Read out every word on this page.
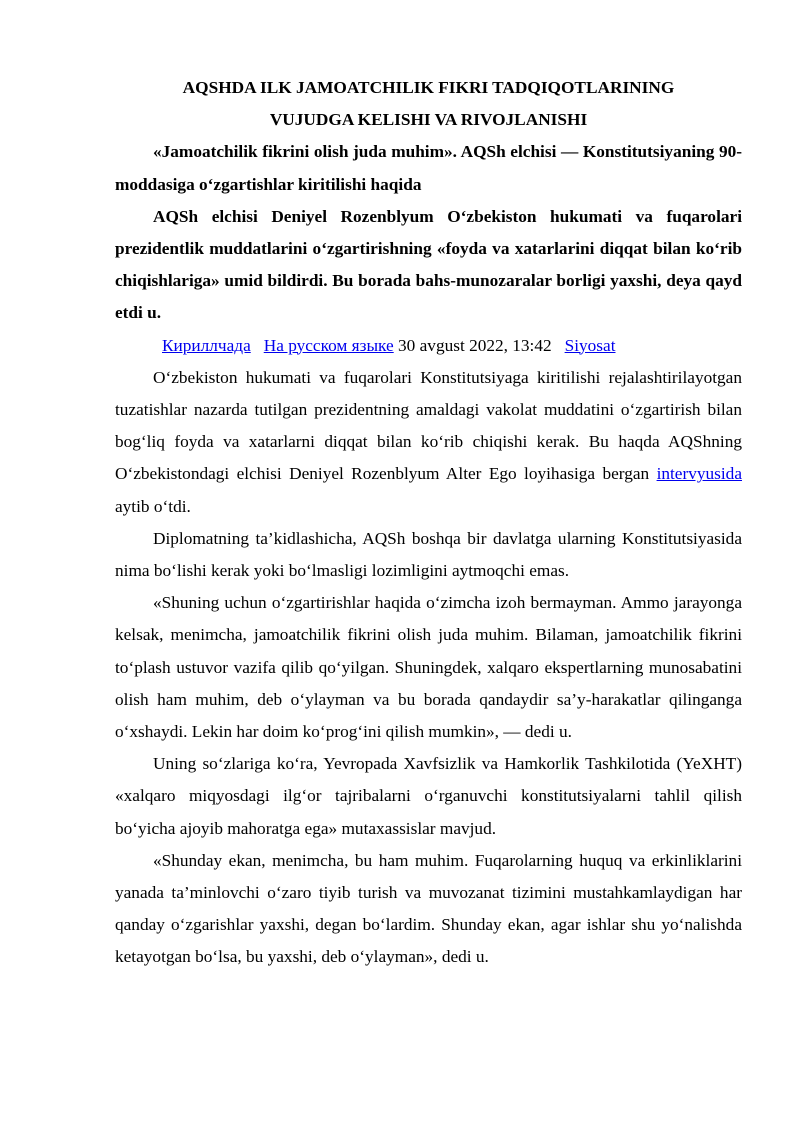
AQSHDA ILK JAMOATCHILIK FIKRI TADQIQOTLARINING

VUJUDGA KELISHI VA RIVOJLANISHI

«Jamoatchilik fikrini olish juda muhim». AQSh elchisi — Konstitutsiyaning 90-moddasiga o‘zgartishlar kiritilishi haqida

AQSh elchisi Deniyel Rozenblyum O‘zbekiston hukumati va fuqarolari prezidentlik muddatlarini o‘zgartirishning «foyda va xatarlarini diqqat bilan ko‘rib chiqishlariga» umid bildirdi. Bu borada bahs-munozaralar borligi yaxshi, deya qayd etdi u.

Кириллчада На русском языке 30 avgust 2022, 13:42 Siyosat

O‘zbekiston hukumati va fuqarolari Konstitutsiyaga kiritilishi rejalashtirilayotgan tuzatishlar nazarda tutilgan prezidentning amaldagi vakolat muddatini o‘zgartirish bilan bog‘liq foyda va xatarlarni diqqat bilan ko‘rib chiqishi kerak. Bu haqda AQShning O‘zbekistondagi elchisi Deniyel Rozenblyum Alter Ego loyihasiga bergan intervyusida aytib o‘tdi.

Diplomatning ta’kidlashicha, AQSh boshqa bir davlatga ularning Konstitutsiyasida nima bo‘lishi kerak yoki bo‘lmasligi lozimligini aytmoqchi emas.

«Shuning uchun o‘zgartirishlar haqida o‘zimcha izoh bermayman. Ammo jarayonga kelsak, menimcha, jamoatchilik fikrini olish juda muhim. Bilaman, jamoatchilik fikrini to‘plash ustuvor vazifa qilib qo‘yilgan. Shuningdek, xalqaro ekspertlarning munosabatini olish ham muhim, deb o‘ylayman va bu borada qandaydir sa’y-harakatlar qilinganga o‘xshaydi. Lekin har doim ko‘prog‘ini qilish mumkin», — dedi u.

Uning so‘zlariga ko‘ra, Yevropada Xavfsizlik va Hamkorlik Tashkilotida (YeXHT) «xalqaro miqyosdagi ilg‘or tajribalarni o‘rganuvchi konstitutsiyalarni tahlil qilish bo‘yicha ajoyib mahoratga ega» mutaxassislar mavjud.

«Shunday ekan, menimcha, bu ham muhim. Fuqarolarning huquq va erkinliklarini yanada ta’minlovchi o‘zaro tiyib turish va muvozanat tizimini mustahkamlaydigan har qanday o‘zgarishlar yaxshi, degan bo‘lardim. Shunday ekan, agar ishlar shu yo‘nalishda ketayotgan bo‘lsa, bu yaxshi, deb o‘ylayman», dedi u.
